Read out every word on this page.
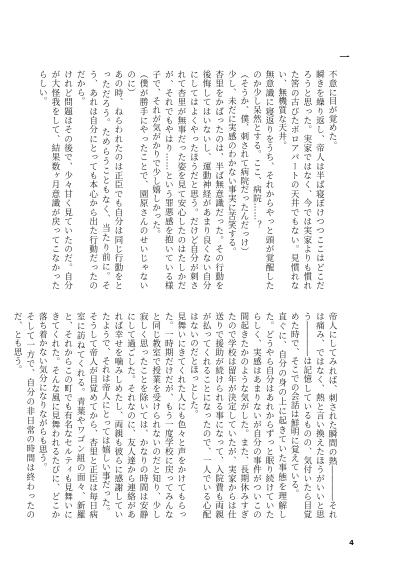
一

不意に目が覚めた。

瞬きを繰り返し、帝人は半ば寝ぼけつつここはどこだろうと思った。実家ではなく、今では実家よりも慣れた筈の古びたボロアパートの天井でもない。見慣れない、無機質な天井。

無意識に寝返りをうち、それからやっと頭が覚醒したのか少し呆然とする。ここ、病院……？

（そうか、僕、刺されて病院だったんだっけ）

少し、未だに実感のわかない事実に苦笑する。

杏里をかばったのは、半ば無意識だった。その行動を後悔してはいないし、運動神経があまり良くない自分にしてはよくやったほうだと思う。だけど自分が刺されて杏里が無事だった姿を見て安心したのはたしかだが、それでもやはり……という罪悪感を抱いている様子で、それが気がかりで少し嬉しかった。

（僕が勝手にやったことで、園原さんのせいじゃないのに）

あの時、ねらわれたのは正臣でも自分は同じ行動をとっただろう。ためらうこともなく、当たり前に。そう、あれは自分にとっても本心から出た行動だったのだから。

けれど問題はその後で、少々甘く見ていたのだ。自分が大怪我をして、結果数ヶ月意識が戻ってこなかったらしい。

帝人にしてみれば、刺された瞬間の熱――――それは痛み、ではなく、熱と言い換えたほうがいいと思う――――は記憶しているものの、気付いたら目覚めた時で、そこでの会話は鮮明に覚えている。

直ぐに、自分の身の上に起きていた事態を理解した。どうやら自分はあれからずっと眠り続けていたらしく、実感はあまりないが自分の事件がついこの間起きたかのような気がした。また、長期休みすぎたので学校は留年が決定していたが、実家からは仕送りで援助が続けられる事になって、入院費も両親が払ってくれることになったので、一人でいる心配はないのだとほっとした。

見舞いにきてくれた人にも色々と声をかけてもらった。一時期だけだが、もう一度学校に戻ってみんなと同じ教室で授業を受けられないのだと知り、少し寂しく思ったことを除いては、かなりの時間は安静にして過ごした。それなのに、友人達から連絡があれば幸せを噛みしめたし、両親も彼らに感謝していたようで、それは帝人にとっては嬉しい事だった。

そうして帝人が目覚めてから、杏里と正臣は毎日病室に訪ねてくれる。青葉やワゴン組の面々、新羅と、それからこの町でも有名なセルティも見舞いにきてくれた。そんな風に見舞われるたびに、どこか落ち着かない気分になりながらも思う。

そして一方で、自分の非日常の時間は終わったのだ、とも思う。

4
